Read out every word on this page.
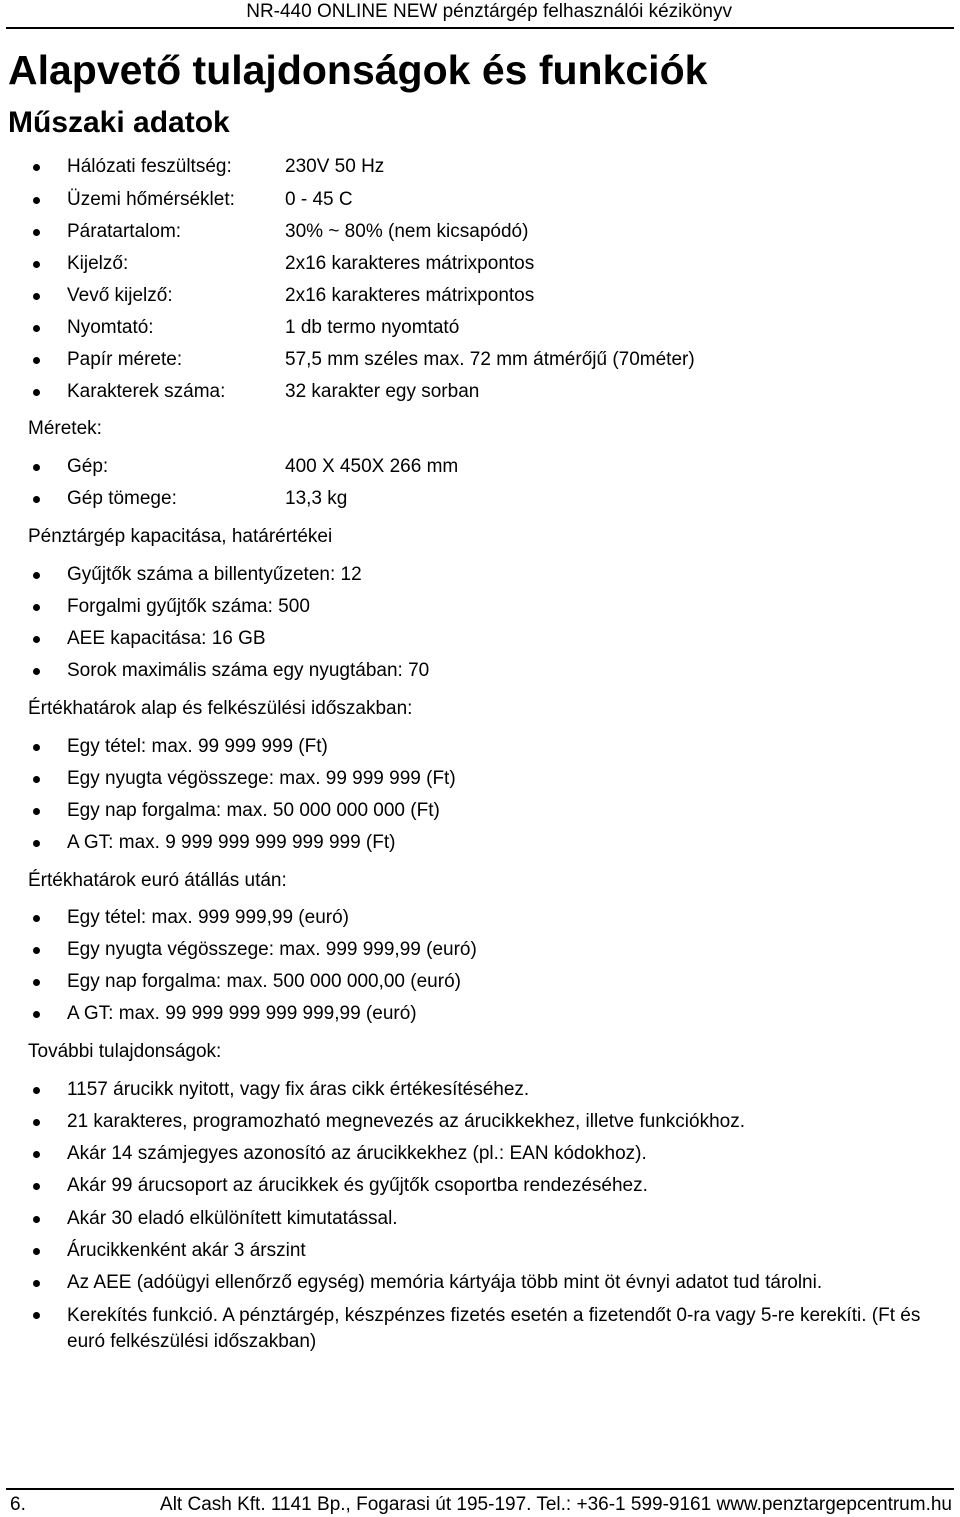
NR-440 ONLINE NEW pénztárgép felhasználói kézikönyv
Alapvető tulajdonságok és funkciók
Műszaki adatok
Hálózati feszültség:	230V 50 Hz
Üzemi hőmérséklet:	0 - 45 C
Páratartalom:	30% ~ 80% (nem kicsapódó)
Kijelző:	2x16 karakteres mátrixpontos
Vevő kijelző:	2x16 karakteres mátrixpontos
Nyomtató:	1 db termo nyomtató
Papír mérete:	57,5 mm széles max. 72 mm átmérőjű (70méter)
Karakterek száma:	32 karakter egy sorban
Méretek:
Gép:	400 X 450X 266 mm
Gép tömege:	13,3 kg
Pénztárgép kapacitása, határértékei
Gyűjtők száma a billentyűzeten: 12
Forgalmi gyűjtők száma: 500
AEE kapacitása: 16 GB
Sorok maximális száma egy nyugtában: 70
Értékhatárok alap és felkészülési időszakban:
Egy tétel: max. 99 999 999 (Ft)
Egy nyugta végösszege: max. 99 999 999 (Ft)
Egy nap forgalma: max. 50 000 000 000 (Ft)
A GT: max. 9 999 999 999 999 999 (Ft)
Értékhatárok euró átállás után:
Egy tétel: max. 999 999,99 (euró)
Egy nyugta végösszege: max. 999 999,99 (euró)
Egy nap forgalma: max. 500 000 000,00 (euró)
A GT: max. 99 999 999 999 999,99 (euró)
További tulajdonságok:
1157 árucikk nyitott, vagy fix áras cikk értékesítéséhez.
21 karakteres, programozható megnevezés az árucikkekhez, illetve funkciókhoz.
Akár 14 számjegyes azonosító az árucikkekhez (pl.: EAN kódokhoz).
Akár 99 árucsoport az árucikkek és gyűjtők csoportba rendezéséhez.
Akár 30 eladó elkülönített kimutatással.
Árucikkenként akár 3 árszint
Az AEE (adóügyi ellenőrző egység) memória kártyája több mint öt évnyi adatot tud tárolni.
Kerekítés funkció. A pénztárgép, készpénzes fizetés esetén a fizetendőt 0-ra vagy 5-re kerekíti. (Ft és euró felkészülési időszakban)
6.	Alt Cash Kft. 1141 Bp., Fogarasi út 195-197. Tel.: +36-1 599-9161 www.penztargepcentrum.hu
